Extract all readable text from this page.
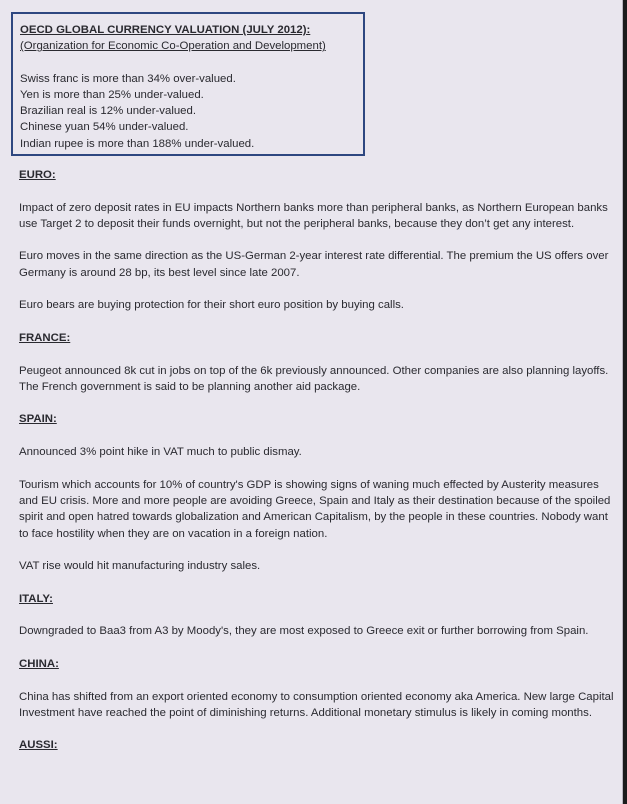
OECD GLOBAL CURRENCY VALUATION (JULY 2012):
(Organization for Economic Co-Operation and Development)
Swiss franc is more than 34% over-valued.
Yen is more than 25% under-valued.
Brazilian real is 12% under-valued.
Chinese yuan 54% under-valued.
Indian rupee is more than 188% under-valued.
EURO:

Impact of zero deposit rates in EU impacts Northern banks more than peripheral banks, as Northern European banks use Target 2 to deposit their funds overnight, but not the peripheral banks, because they don’t get any interest.

Euro moves in the same direction as the US-German 2-year interest rate differential. The premium the US offers over Germany is around 28 bp, its best level since late 2007.

Euro bears are buying protection for their short euro position by buying calls.

FRANCE:

Peugeot announced 8k cut in jobs on top of the 6k previously announced. Other companies are also planning layoffs. The French government is said to be planning another aid package.

SPAIN:

Announced 3% point hike in VAT much to public dismay.

Tourism which accounts for 10% of country's GDP is showing signs of waning much effected by Austerity measures and EU crisis. More and more people are avoiding Greece, Spain and Italy as their destination because of the spoiled spirit and open hatred towards globalization and American Capitalism, by the people in these countries. Nobody want to face hostility when they are on vacation in a foreign nation.

VAT rise would hit manufacturing industry sales.

ITALY:

Downgraded to Baa3 from A3 by Moody's, they are most exposed to Greece exit or further borrowing from Spain.

CHINA:

China has shifted from an export oriented economy to consumption oriented economy aka America. New large Capital Investment have reached the point of diminishing returns. Additional monetary stimulus is likely in coming months.

AUSSI:
